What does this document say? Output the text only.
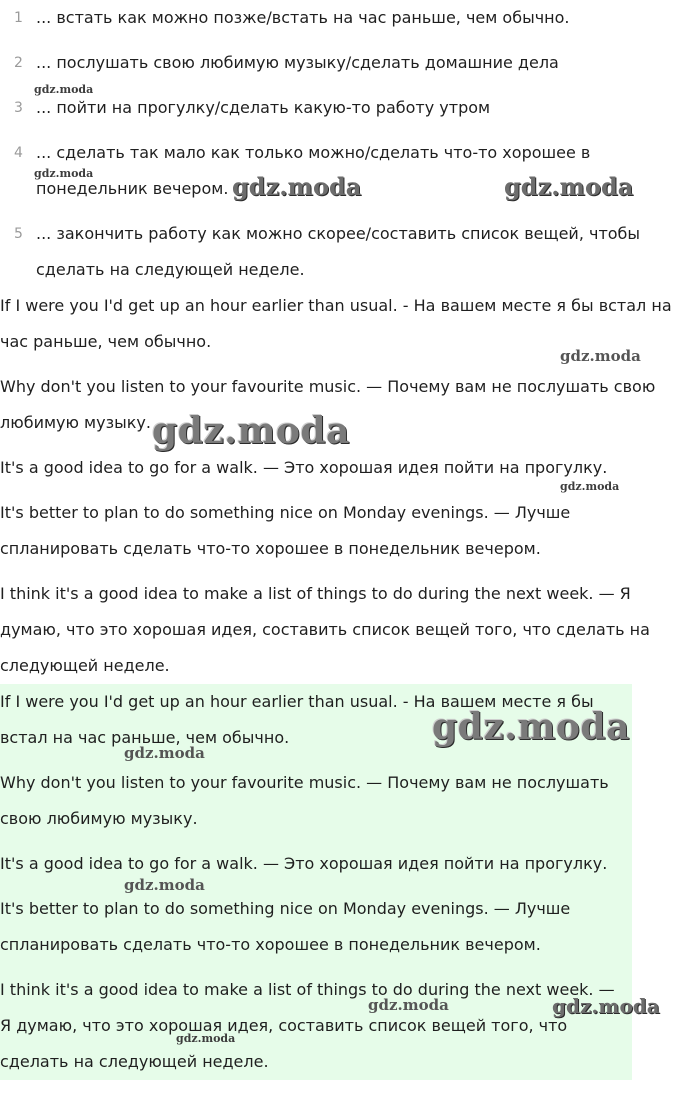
1 ... встать как можно позже/встать на час раньше, чем обычно.
2 ... послушать свою любимую музыку/сделать домашние дела
3 ... пойти на прогулку/сделать какую-то работу утром
4 ... сделать так мало как только можно/сделать что-то хорошее в понедельник вечером.
5 ... закончить работу как можно скорее/составить список вещей, чтобы сделать на следующей неделе.

If I were you I'd get up an hour earlier than usual. - На вашем месте я бы встал на час раньше, чем обычно.

Why don't you listen to your favourite music. — Почему вам не послушать свою любимую музыку.

It's a good idea to go for a walk. — Это хорошая идея пойти на прогулку.

It's better to plan to do something nice on Monday evenings. — Лучше спланировать сделать что-то хорошее в понедельник вечером.

I think it's a good idea to make a list of things to do during the next week. — Я думаю, что это хорошая идея, составить список вещей того, что сделать на следующей неделе.

If I were you I'd get up an hour earlier than usual. - На вашем месте я бы встал на час раньше, чем обычно.

Why don't you listen to your favourite music. — Почему вам не послушать свою любимую музыку.

It's a good idea to go for a walk. — Это хорошая идея пойти на прогулку.

It's better to plan to do something nice on Monday evenings. — Лучше спланировать сделать что-то хорошее в понедельник вечером.

I think it's a good idea to make a list of things to do during the next week. — Я думаю, что это хорошая идея, составить список вещей того, что сделать на следующей неделе.

gdz.moda
gdz.moda	gdz.moda	gdz.moda
gdz.moda
gdz.moda
gdz.moda
gdz.moda
gdz.moda
gdz.moda
gdz.moda	gdz.moda
gdz.moda
